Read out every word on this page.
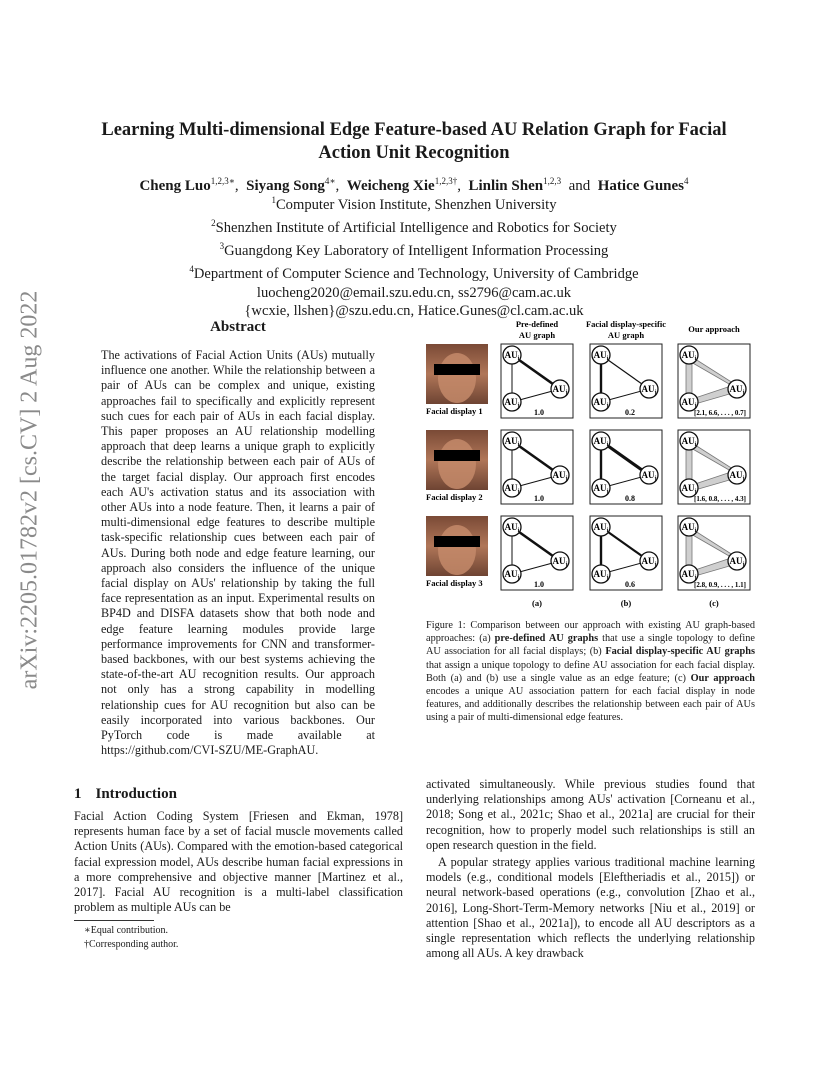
Learning Multi-dimensional Edge Feature-based AU Relation Graph for Facial
Action Unit Recognition
Cheng Luo$^{1,2,3∗}$, Siyang Song$^{4∗}$, Weicheng Xie$^{1,2,3\dagger}$, Linlin Shen$^{1,2,3}$ and Hatice Gunes$^4$
$^1$Computer Vision Institute, Shenzhen University
$^2$Shenzhen Institute of Artificial Intelligence and Robotics for Society
$^3$Guangdong Key Laboratory of Intelligent Information Processing
$^4$Department of Computer Science and Technology, University of Cambridge
luocheng2020@email.szu.edu.cn, ss2796@cam.ac.uk
{wcxie, llshen}@szu.edu.cn, Hatice.Gunes@cl.cam.ac.uk
arXiv:2205.01782v2 [cs.CV] 2 Aug 2022	Abstract
The activations of Facial Action Units (AUs) mutually influence one another. While the relationship between a pair of AUs can be complex and unique, existing approaches fail to specifically and explicitly represent such cues for each pair of AUs in each facial display. This paper proposes an AU relationship modelling approach that deep learns a unique graph to explicitly describe the relationship between each pair of AUs of the target facial display. Our approach first encodes each AU's activation status and its association with other AUs into a node feature. Then, it learns a pair of multi-dimensional edge features to describe multiple task-specific relationship cues between each pair of AUs. During both node and edge feature learning, our approach also considers the influence of the unique facial display on AUs' relationship by taking the full face representation as an input. Experimental results on BP4D and DISFA datasets show that both node and edge feature learning modules provide large performance improvements for CNN and transformer-based backbones, with our best systems achieving the state-of-the-art AU recognition results. Our approach not only has a strong capability in modelling relationship cues for AU recognition but also can be easily incorporated into various backbones. Our PyTorch code is made available at https://github.com/CVI-SZU/ME-GraphAU.
1 Introduction
Facial Action Coding System [Friesen and Ekman, 1978] represents human face by a set of facial muscle movements called Action Units (AUs). Compared with the emotion-based categorical facial expression model, AUs describe human facial expressions in a more comprehensive and objective manner [Martinez et al., 2017]. Facial AU recognition is a multi-label classification problem as multiple AUs can be
∗Equal contribution.
†Corresponding author.

activated simultaneously. While previous studies found that underlying relationships among AUs' activation [Corneanu et al., 2018; Song et al., 2021c; Shao et al., 2021a] are crucial for their recognition, how to properly model such relationships is still an open research question in the field.

A popular strategy applies various traditional machine learning models (e.g., conditional models [Eleftheriadis et al., 2015]) or neural network-based operations (e.g., convolution [Zhao et al., 2016], Long-Short-Term-Memory networks [Niu et al., 2019] or attention [Shao et al., 2021a]), to encode all AU descriptors as a single representation which reflects the underlying relationship among all AUs. A key drawback

Pre-defined
AU graph
Facial display-specific
AU graph
Our approach
Facial display 1	1.0
$AU_i$
$AU_j$
$AU_j$
0.2
$AU_i$
$AU_j$
$AU_j$
[2.1, 6.6, . . . , 0.7]
$AU_i$
$AU_j$
$AU_j$
Facial display 2	1.0
$AU_i$
$AU_j$
$AU_j$
0.8
$AU_i$
$AU_j$
$AU_j$
[1.6, 0.8, . . . , 4.3]
$AU_i$
$AU_j$
$AU_j$
Facial display 3	1.0
$AU_i$
$AU_j$
$AU_j$
0.6
$AU_i$
$AU_j$
$AU_j$
[2.8, 0.9, . . . , 1.1]
$AU_i$
$AU_j$
$AU_j$
(a)	(b)	(c)
Figure 1: Comparison between our approach with existing AU graph-based approaches: (a) pre-defined AU graphs that use a single topology to define AU association for all facial displays; (b) Facial display-specific AU graphs that assign a unique topology to define AU association for each facial display. Both (a) and (b) use a single value as an edge feature; (c) Our approach encodes a unique AU association pattern for each facial display in node features, and additionally describes the relationship between each pair of AUs using a pair of multi-dimensional edge features.
